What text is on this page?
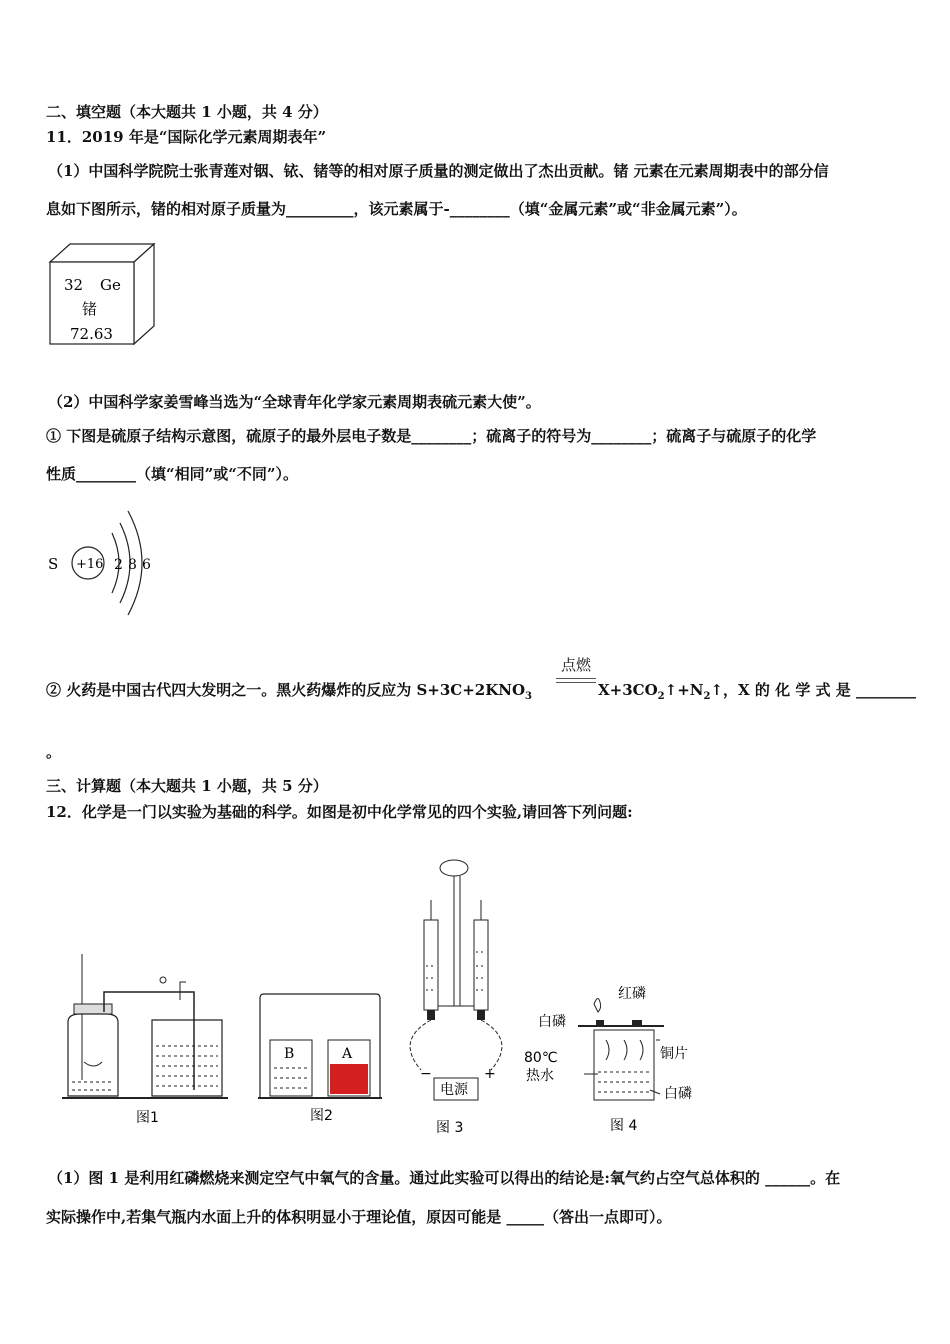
二、填空题（本大题共 1 小题，共 4 分）
11．2019 年是“国际化学元素周期表年”
（1）中国科学院院士张青莲对铟、铱、锗等的相对原子质量的测定做出了杰出贡献。锗 元素在元素周期表中的部分信
息如下图所示，锗的相对原子质量为_________，该元素属于-________（填“金属元素”或“非金属元素”）。
32 Ge
锗
72.63
（2）中国科学家姜雪峰当选为“全球青年化学家元素周期表硫元素大使”。
① 下图是硫原子结构示意图，硫原子的最外层电子数是________；硫离子的符号为________；硫离子与硫原子的化学
性质________（填“相同”或“不同”）。
S +16 2 8 6
② 火药是中国古代四大发明之一。黑火药爆炸的反应为 $S+3C+2KNO_3$
点燃
$X+3CO_2↑+N_2↑$，X 的 化 学 式 是 ________
。
三、计算题（本大题共 1 小题，共 5 分）
12．化学是一门以实验为基础的科学。如图是初中化学常见的四个实验,请回答下列问题:
图1
B	A
图2
电源
−	+
图 3
红磷
白磷
铜片
80℃
热水
白磷
图 4
（1）图 1 是利用红磷燃烧来测定空气中氧气的含量。通过此实验可以得出的结论是:氧气约占空气总体积的 ______。在
实际操作中,若集气瓶内水面上升的体积明显小于理论值，原因可能是 _____（答出一点即可）。
